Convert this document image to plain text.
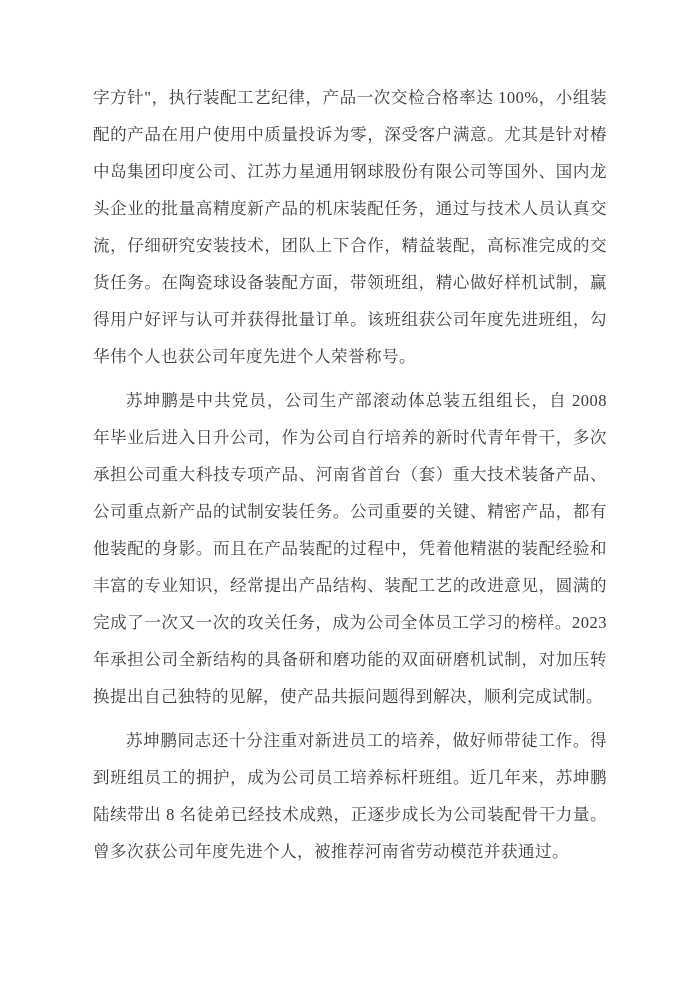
字方针"，执行装配工艺纪律，产品一次交检合格率达 100%，小组装
配的产品在用户使用中质量投诉为零，深受客户满意。尤其是针对椿
中岛集团印度公司、江苏力星通用钢球股份有限公司等国外、国内龙
头企业的批量高精度新产品的机床装配任务，通过与技术人员认真交
流，仔细研究安装技术，团队上下合作，精益装配，高标准完成的交
货任务。在陶瓷球设备装配方面，带领班组，精心做好样机试制，赢
得用户好评与认可并获得批量订单。该班组获公司年度先进班组，勾
华伟个人也获公司年度先进个人荣誉称号。
苏坤鹏是中共党员，公司生产部滚动体总装五组组长，自 2008
年毕业后进入日升公司，作为公司自行培养的新时代青年骨干，多次
承担公司重大科技专项产品、河南省首台（套）重大技术装备产品、
公司重点新产品的试制安装任务。公司重要的关键、精密产品，都有
他装配的身影。而且在产品装配的过程中，凭着他精湛的装配经验和
丰富的专业知识，经常提出产品结构、装配工艺的改进意见，圆满的
完成了一次又一次的攻关任务，成为公司全体员工学习的榜样。2023
年承担公司全新结构的具备研和磨功能的双面研磨机试制，对加压转
换提出自己独特的见解，使产品共振问题得到解决，顺利完成试制。
苏坤鹏同志还十分注重对新进员工的培养，做好师带徒工作。得
到班组员工的拥护，成为公司员工培养标杆班组。近几年来，苏坤鹏
陆续带出 8 名徒弟已经技术成熟，正逐步成长为公司装配骨干力量。
曾多次获公司年度先进个人，被推荐河南省劳动模范并获通过。
